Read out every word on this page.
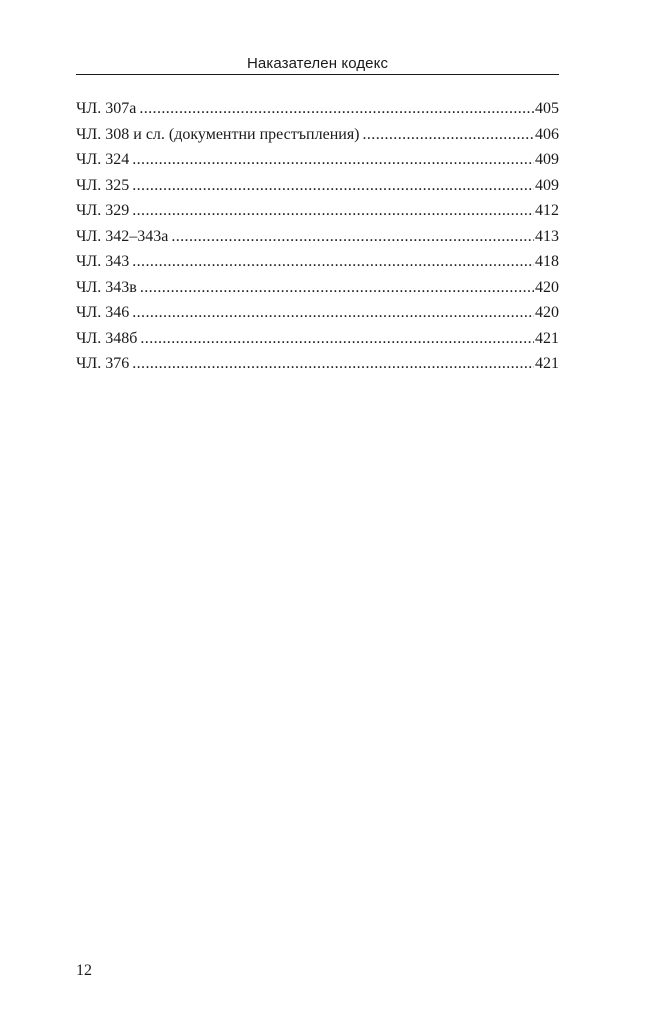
Наказателен кодекс
ЧЛ. 307а .....	405
ЧЛ. 308 и сл. (документни престъпления) .....	406
ЧЛ. 324 .....	409
ЧЛ. 325 .....	409
ЧЛ. 329 .....	412
ЧЛ. 342–343а .....	413
ЧЛ. 343 .....	418
ЧЛ. 343в .....	420
ЧЛ. 346 .....	420
ЧЛ. 348б .....	421
ЧЛ. 376 .....	421
12
